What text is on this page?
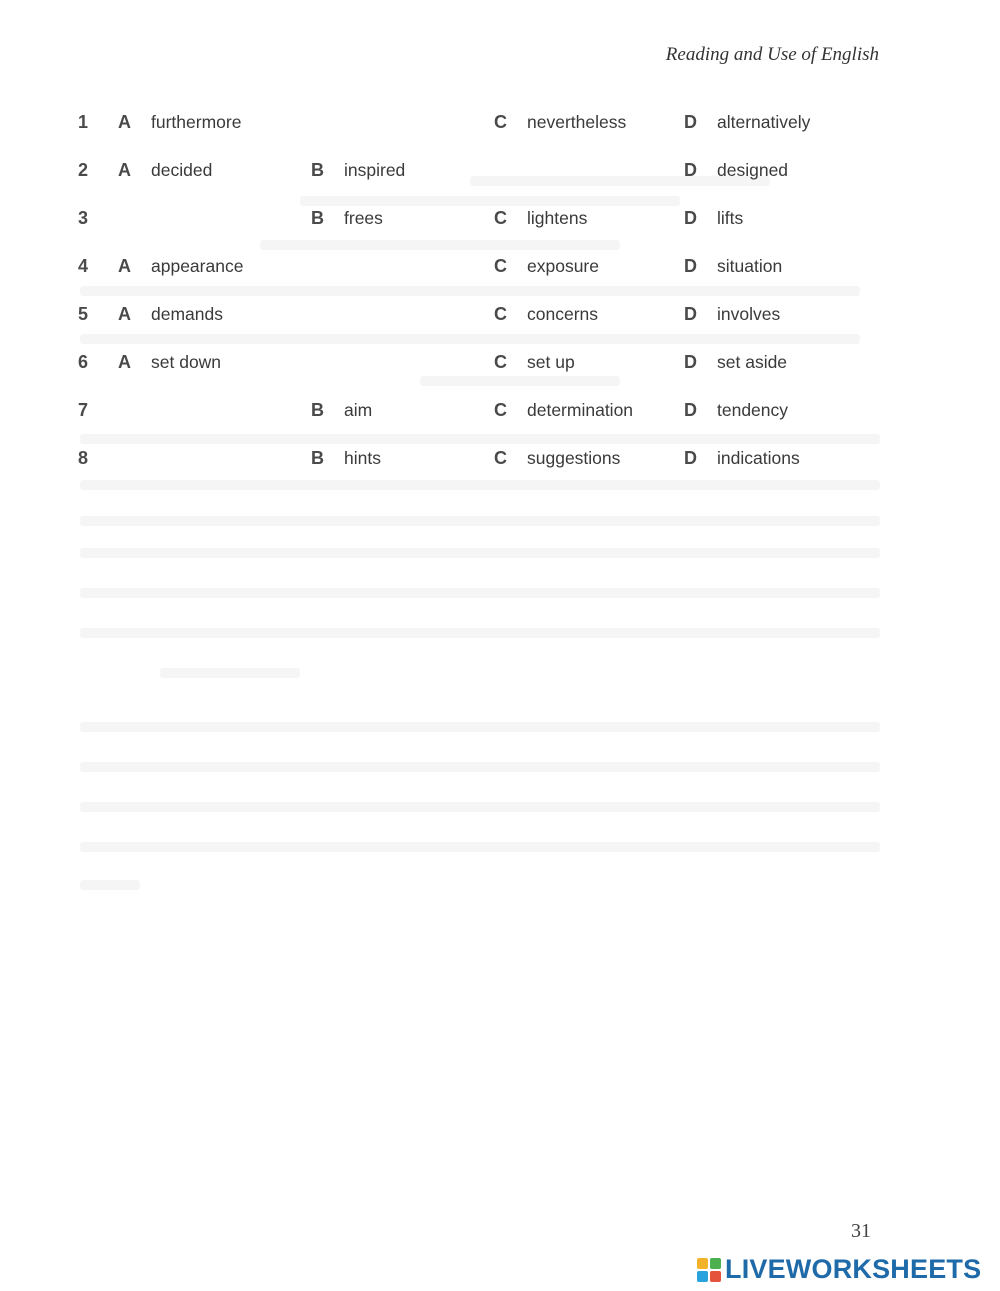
Reading and Use of English
1 A furthermore	C nevertheless	D alternatively
2 A decided	B inspired	D designed
3	B frees	C lightens	D lifts
4 A appearance	C exposure	D situation
5 A demands	C concerns	D involves
6 A set down	C set up	D set aside
7	B aim	C determination	D tendency
8	B hints	C suggestions	D indications
31
LIVEWORKSHEETS
